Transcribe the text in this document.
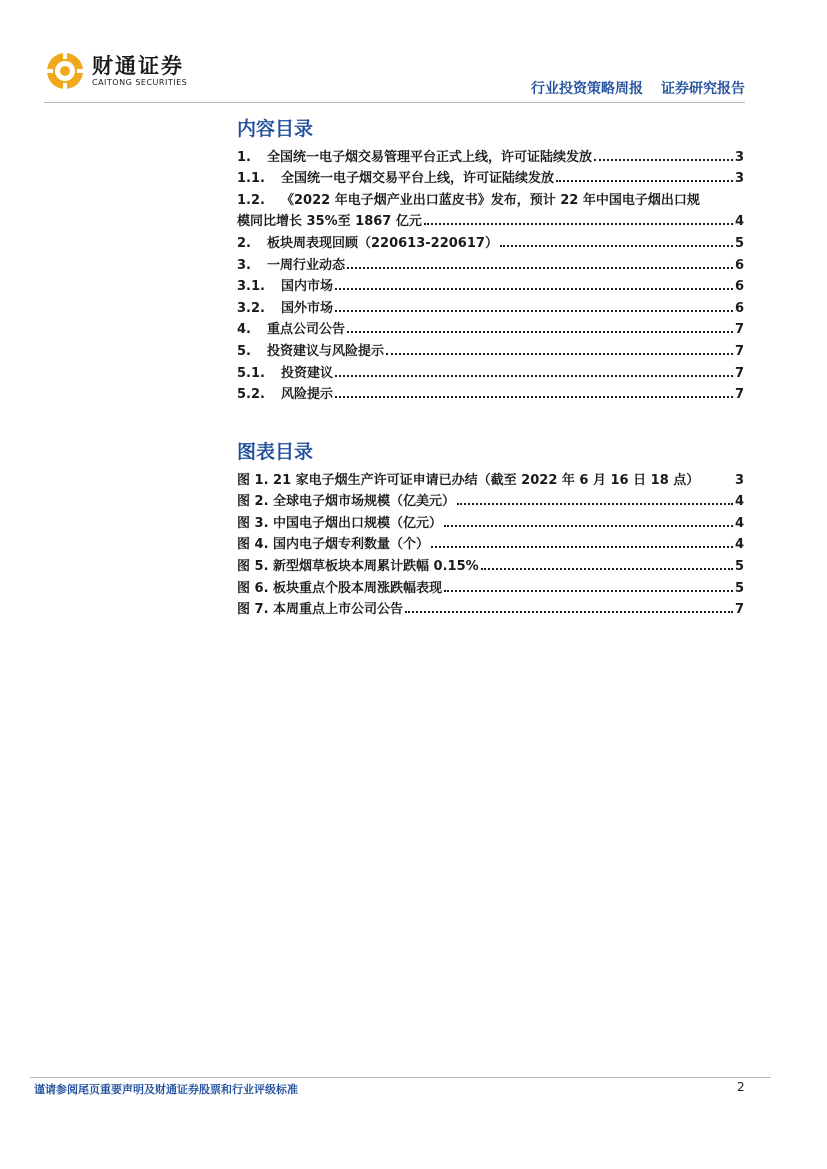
财通证券
CAITONG SECURITIES	行业投资策略周报 证券研究报告
内容目录
1.	全国统一电子烟交易管理平台正式上线，许可证陆续发放	3
1.1.	全国统一电子烟交易平台上线，许可证陆续发放	3
1.2.	《2022 年电子烟产业出口蓝皮书》发布，预计 22 年中国电子烟出口规
模同比增长 35%至 1867 亿元	4
2.	板块周表现回顾（220613-220617）	5
3.	一周行业动态	6
3.1.	国内市场	6
3.2.	国外市场	6
4.	重点公司公告	7
5.	投资建议与风险提示	7
5.1.	投资建议	7
5.2.	风险提示	7
图表目录
图 1. 21 家电子烟生产许可证申请已办结（截至 2022 年 6 月 16 日 18 点）	3
图 2. 全球电子烟市场规模（亿美元）	4
图 3. 中国电子烟出口规模（亿元）	4
图 4. 国内电子烟专利数量（个）	4
图 5. 新型烟草板块本周累计跌幅 0.15%	5
图 6. 板块重点个股本周涨跌幅表现	5
图 7. 本周重点上市公司公告	7
谨请参阅尾页重要声明及财通证券股票和行业评级标准	2
